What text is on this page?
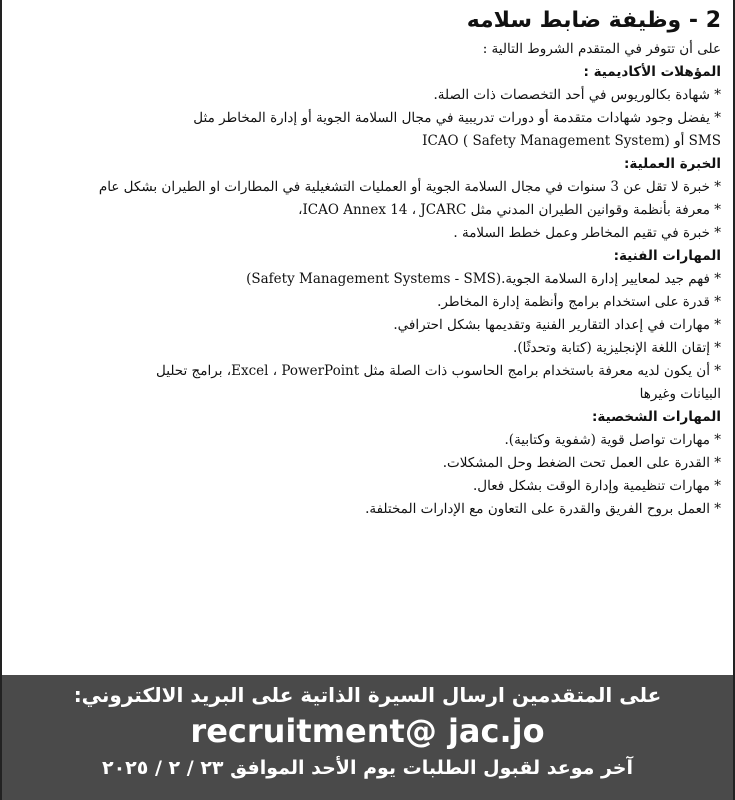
2 - وظيفة ضابط سلامه
على أن تتوفر في المتقدم الشروط التالية :
المؤهلات الأكاديمية :
* شهادة بكالوريوس في أحد التخصصات ذات الصلة.
* يفضل وجود شهادات متقدمة أو دورات تدريبية في مجال السلامة الجوية أو إدارة المخاطر مثل
SMS أو ICAO ( Safety Management System)
الخبرة العملية:
* خبرة لا تقل عن 3 سنوات في مجال السلامة الجوية أو العمليات التشغيلية في المطارات او الطيران بشكل عام
* معرفة بأنظمة وقوانين الطيران المدني مثل ICAO Annex 14 ، JCARC،
* خبرة في تقيم المخاطر وعمل خطط السلامة .
المهارات الفنية:
* فهم جيد لمعايير إدارة السلامة الجوية.(Safety Management Systems - SMS)
* قدرة على استخدام برامج وأنظمة إدارة المخاطر.
* مهارات في إعداد التقارير الفنية وتقديمها بشكل احترافي.
* إتقان اللغة الإنجليزية (كتابة وتحدثًا).
* أن يكون لديه معرفة باستخدام برامج الحاسوب ذات الصلة مثل Excel ، PowerPoint، برامج تحليل
البيانات وغيرها
المهارات الشخصية:
* مهارات تواصل قوية (شفوية وكتابية).
* القدرة على العمل تحت الضغط وحل المشكلات.
* مهارات تنظيمية وإدارة الوقت بشكل فعال.
* العمل بروح الفريق والقدرة على التعاون مع الإدارات المختلفة.
على المتقدمين ارسال السيرة الذاتية على البريد الالكتروني:
recruitment@ jac.jo
آخر موعد لقبول الطلبات يوم الأحد الموافق ٢٣ / ٢ / ٢٠٢٥
